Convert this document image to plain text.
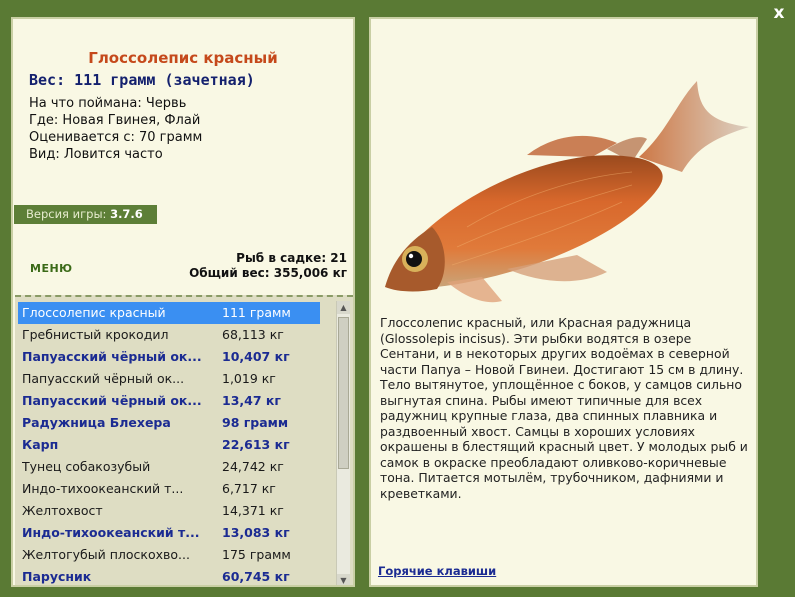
x
Глоссолепис красный
Вес: 111 грамм (зачетная)
На что поймана: Червь
Где: Новая Гвинея, Флай
Оценивается с: 70 грамм
Вид: Ловится часто
Версия игры: 3.7.6
МЕНЮ
Рыб в садке: 21
Общий вес: 355,006 кг
Глоссолепис красный	111 грамм
Гребнистый крокодил	68,113 кг
Папуасский чёрный ок...	10,407 кг
Папуасский чёрный ок...	1,019 кг
Папуасский чёрный ок...	13,47 кг
Радужница Блехера	98 грамм
Карп	22,613 кг
Тунец собакозубый	24,742 кг
Индо-тихоокеанский т...	6,717 кг
Желтохвост	14,371 кг
Индо-тихоокеанский т...	13,083 кг
Желтогубый плоскохво...	175 грамм
Парусник	60,745 кг
▲
▼
Глоссолепис красный, или Красная радужница (Glossolepis incisus). Эти рыбки водятся в озере Сентани, и в некоторых других водоёмах в северной части Папуа – Новой Гвинеи. Достигают 15 см в длину. Тело вытянутое, уплощённое с боков, у самцов сильно выгнутая спина. Рыбы имеют типичные для всех радужниц крупные глаза, два спинных плавника и раздвоенный хвост. Самцы в хороших условиях окрашены в блестящий красный цвет. У молодых рыб и самок в окраске преобладают оливково-коричневые тона. Питается мотылём, трубочником, дафниями и креветками.
Горячие клавиши
